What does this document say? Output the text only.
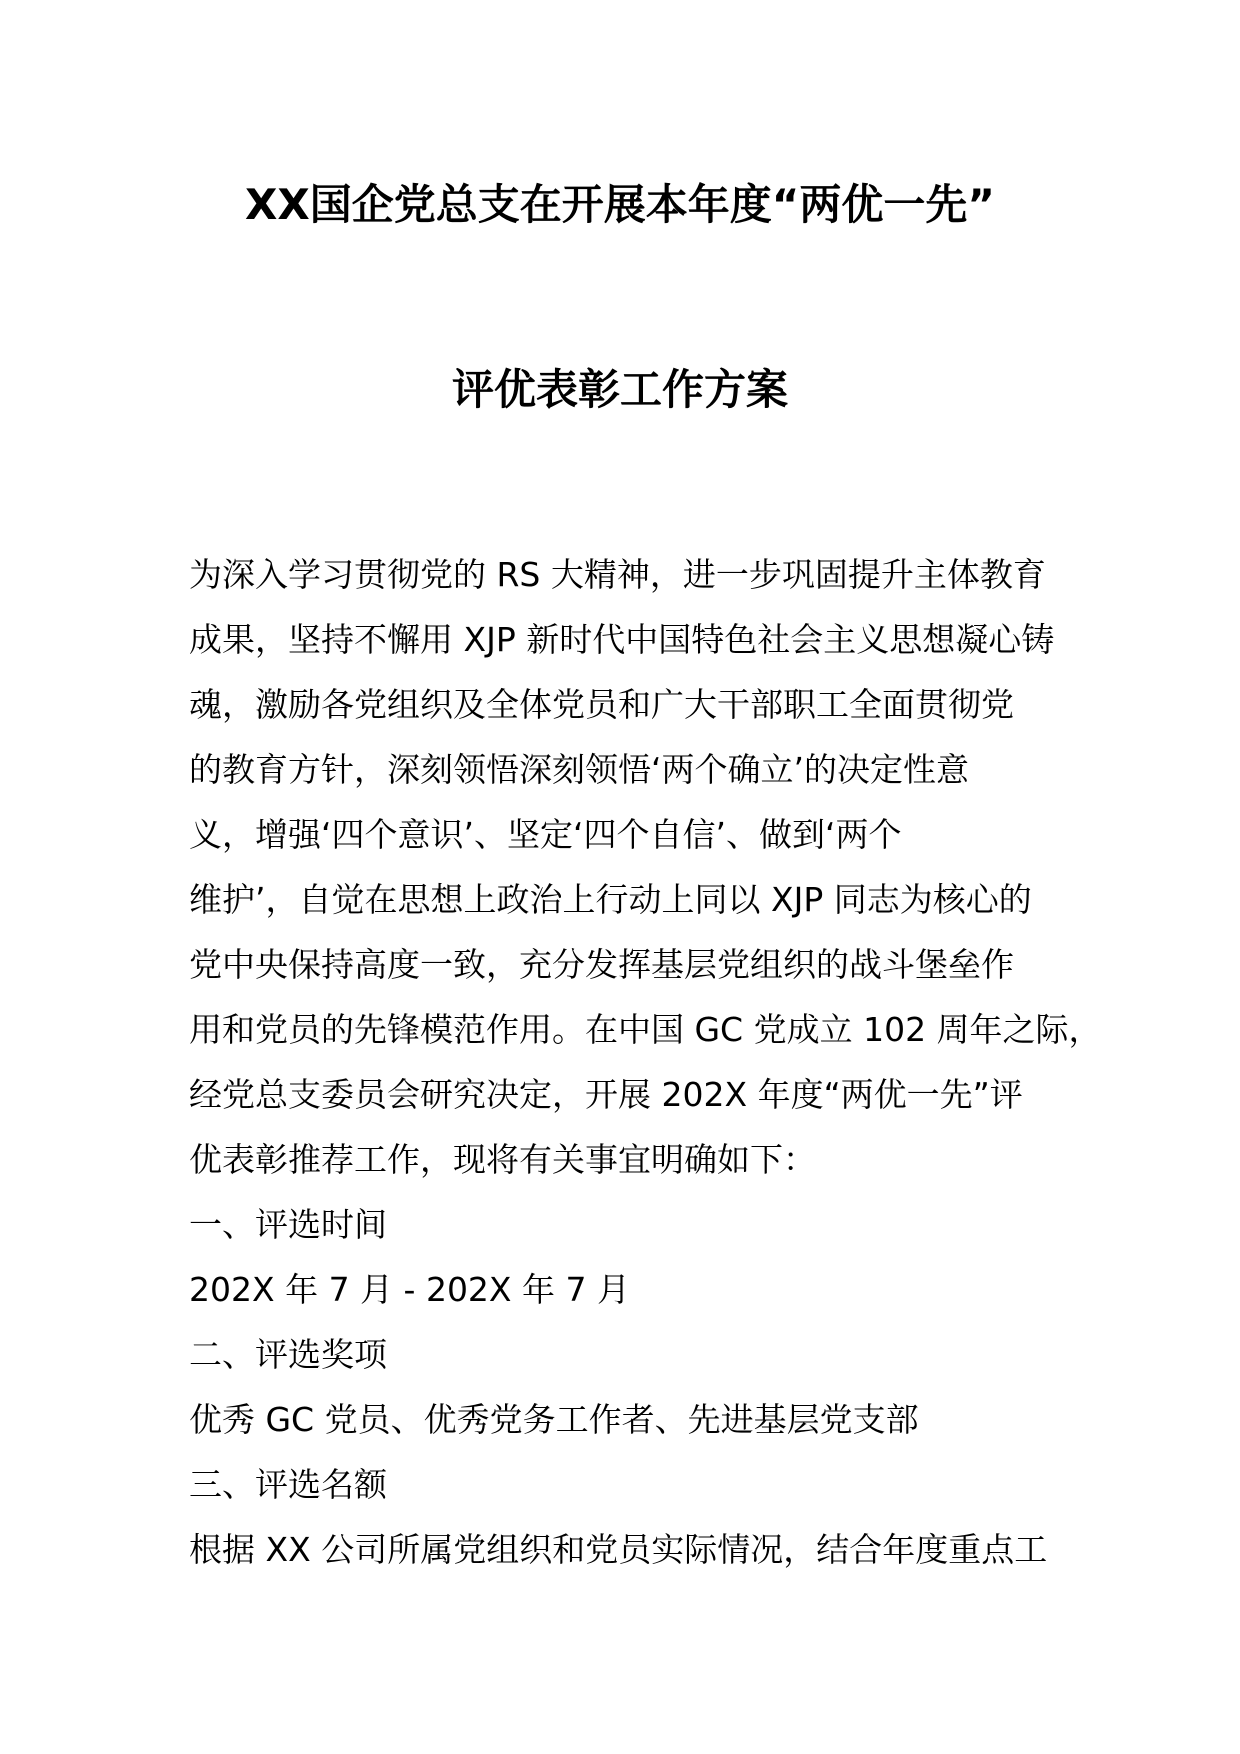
XX国企党总支在开展本年度“两优一先”
评优表彰工作方案
为深入学习贯彻党的 RS 大精神，进一步巩固提升主体教育
成果，坚持不懈用 XJP 新时代中国特色社会主义思想凝心铸
魂，激励各党组织及全体党员和广大干部职工全面贯彻党
的教育方针，深刻领悟深刻领悟‘两个确立’的决定性意
义，增强‘四个意识’、坚定‘四个自信’、做到‘两个
维护’，自觉在思想上政治上行动上同以 XJP 同志为核心的
党中央保持高度一致，充分发挥基层党组织的战斗堡垒作
用和党员的先锋模范作用。在中国 GC 党成立 102 周年之际，
经党总支委员会研究决定，开展 202X 年度“两优一先”评
优表彰推荐工作，现将有关事宜明确如下：
一、评选时间
202X 年 7 月 - 202X 年 7 月
二、评选奖项
优秀 GC 党员、优秀党务工作者、先进基层党支部
三、评选名额
根据 XX 公司所属党组织和党员实际情况，结合年度重点工
